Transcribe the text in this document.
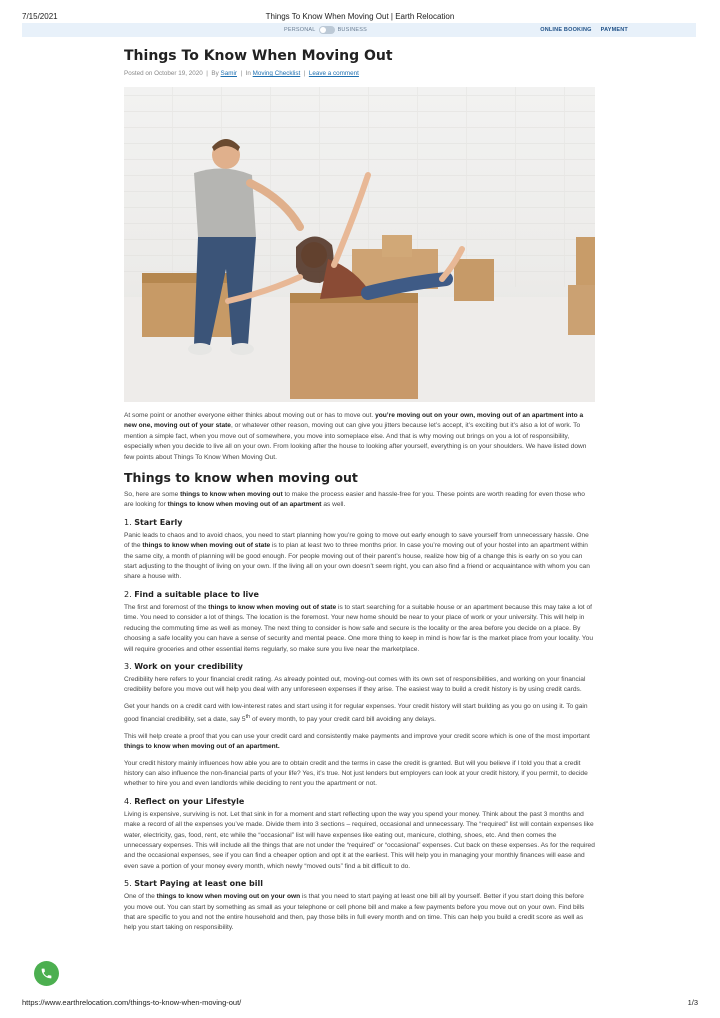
7/15/2021	Things To Know When Moving Out | Earth Relocation
PERSONAL	BUSINESS	ONLINE BOOKING PAYMENT
Things To Know When Moving Out
Posted on October 19, 2020 | By Samir | In Moving Checklist | Leave a comment

At some point or another everyone either thinks about moving out or has to move out. you’re moving out on your own, moving out of an apartment into a new one, moving out of your state, or whatever other reason, moving out can give you jitters because let’s accept, it’s exciting but it’s also a lot of work. To mention a simple fact, when you move out of somewhere, you move into someplace else. And that is why moving out brings on you a lot of responsibility, especially when you decide to live all on your own. From looking after the house to looking after yourself, everything is on your shoulders. We have listed down few points about Things To Know When Moving Out.

Things to know when moving out

So, here are some things to know when moving out to make the process easier and hassle-free for you. These points are worth reading for even those who are looking for things to know when moving out of an apartment as well.

1. Start Early

Panic leads to chaos and to avoid chaos, you need to start planning how you’re going to move out early enough to save yourself from unnecessary hassle. One of the things to know when moving out of state is to plan at least two to three months prior. In case you’re moving out of your hostel into an apartment within the same city, a month of planning will be good enough. For people moving out of their parent’s house, realize how big of a change this is early on so you can start adjusting to the thought of living on your own. If the living all on your own doesn’t seem right, you can also find a friend or acquaintance with whom you can share a house with.

2. Find a suitable place to live

The first and foremost of the things to know when moving out of state is to start searching for a suitable house or an apartment because this may take a lot of time. You need to consider a lot of things. The location is the foremost. Your new home should be near to your place of work or your university. This will help in reducing the commuting time as well as money. The next thing to consider is how safe and secure is the locality or the area before you decide on a place. By choosing a safe locality you can have a sense of security and mental peace. One more thing to keep in mind is how far is the market place from your locality. You will require groceries and other essential items regularly, so make sure you live near the marketplace.

3. Work on your credibility

Credibility here refers to your financial credit rating. As already pointed out, moving-out comes with its own set of responsibilities, and working on your financial credibility before you move out will help you deal with any unforeseen expenses if they arise. The easiest way to build a credit history is by using credit cards.

Get your hands on a credit card with low-interest rates and start using it for regular expenses. Your credit history will start building as you go on using it. To gain good financial credibility, set a date, say 5th of every month, to pay your credit card bill avoiding any delays.

This will help create a proof that you can use your credit card and consistently make payments and improve your credit score which is one of the most important things to know when moving out of an apartment.

Your credit history mainly influences how able you are to obtain credit and the terms in case the credit is granted. But will you believe if I told you that a credit history can also influence the non-financial parts of your life? Yes, it’s true. Not just lenders but employers can look at your credit history, if you permit, to decide whether to hire you and even landlords while deciding to rent you the apartment or not.

4. Reflect on your Lifestyle

Living is expensive, surviving is not. Let that sink in for a moment and start reflecting upon the way you spend your money. Think about the past 3 months and make a record of all the expenses you’ve made. Divide them into 3 sections – required, occasional and unnecessary. The “required” list will contain expenses like water, electricity, gas, food, rent, etc while the “occasional” list will have expenses like eating out, manicure, clothing, shoes, etc. And then comes the unnecessary expenses. This will include all the things that are not under the “required” or “occasional” expenses. Cut back on these expenses. As for the required and the occasional expenses, see if you can find a cheaper option and opt it at the earliest. This will help you in managing your monthly finances will ease and even save a portion of your money every month, which newly “moved outs” find a bit difficult to do.

5. Start Paying at least one bill

One of the things to know when moving out on your own is that you need to start paying at least one bill all by yourself. Better if you start doing this before you move out. You can start by something as small as your telephone or cell phone bill and make a few payments before you move out on your own. Find bills that are specific to you and not the entire household and then, pay those bills in full every month and on time. This can help you build a credit score as well as help you start taking on responsibility.

https://www.earthrelocation.com/things-to-know-when-moving-out/	1/3
